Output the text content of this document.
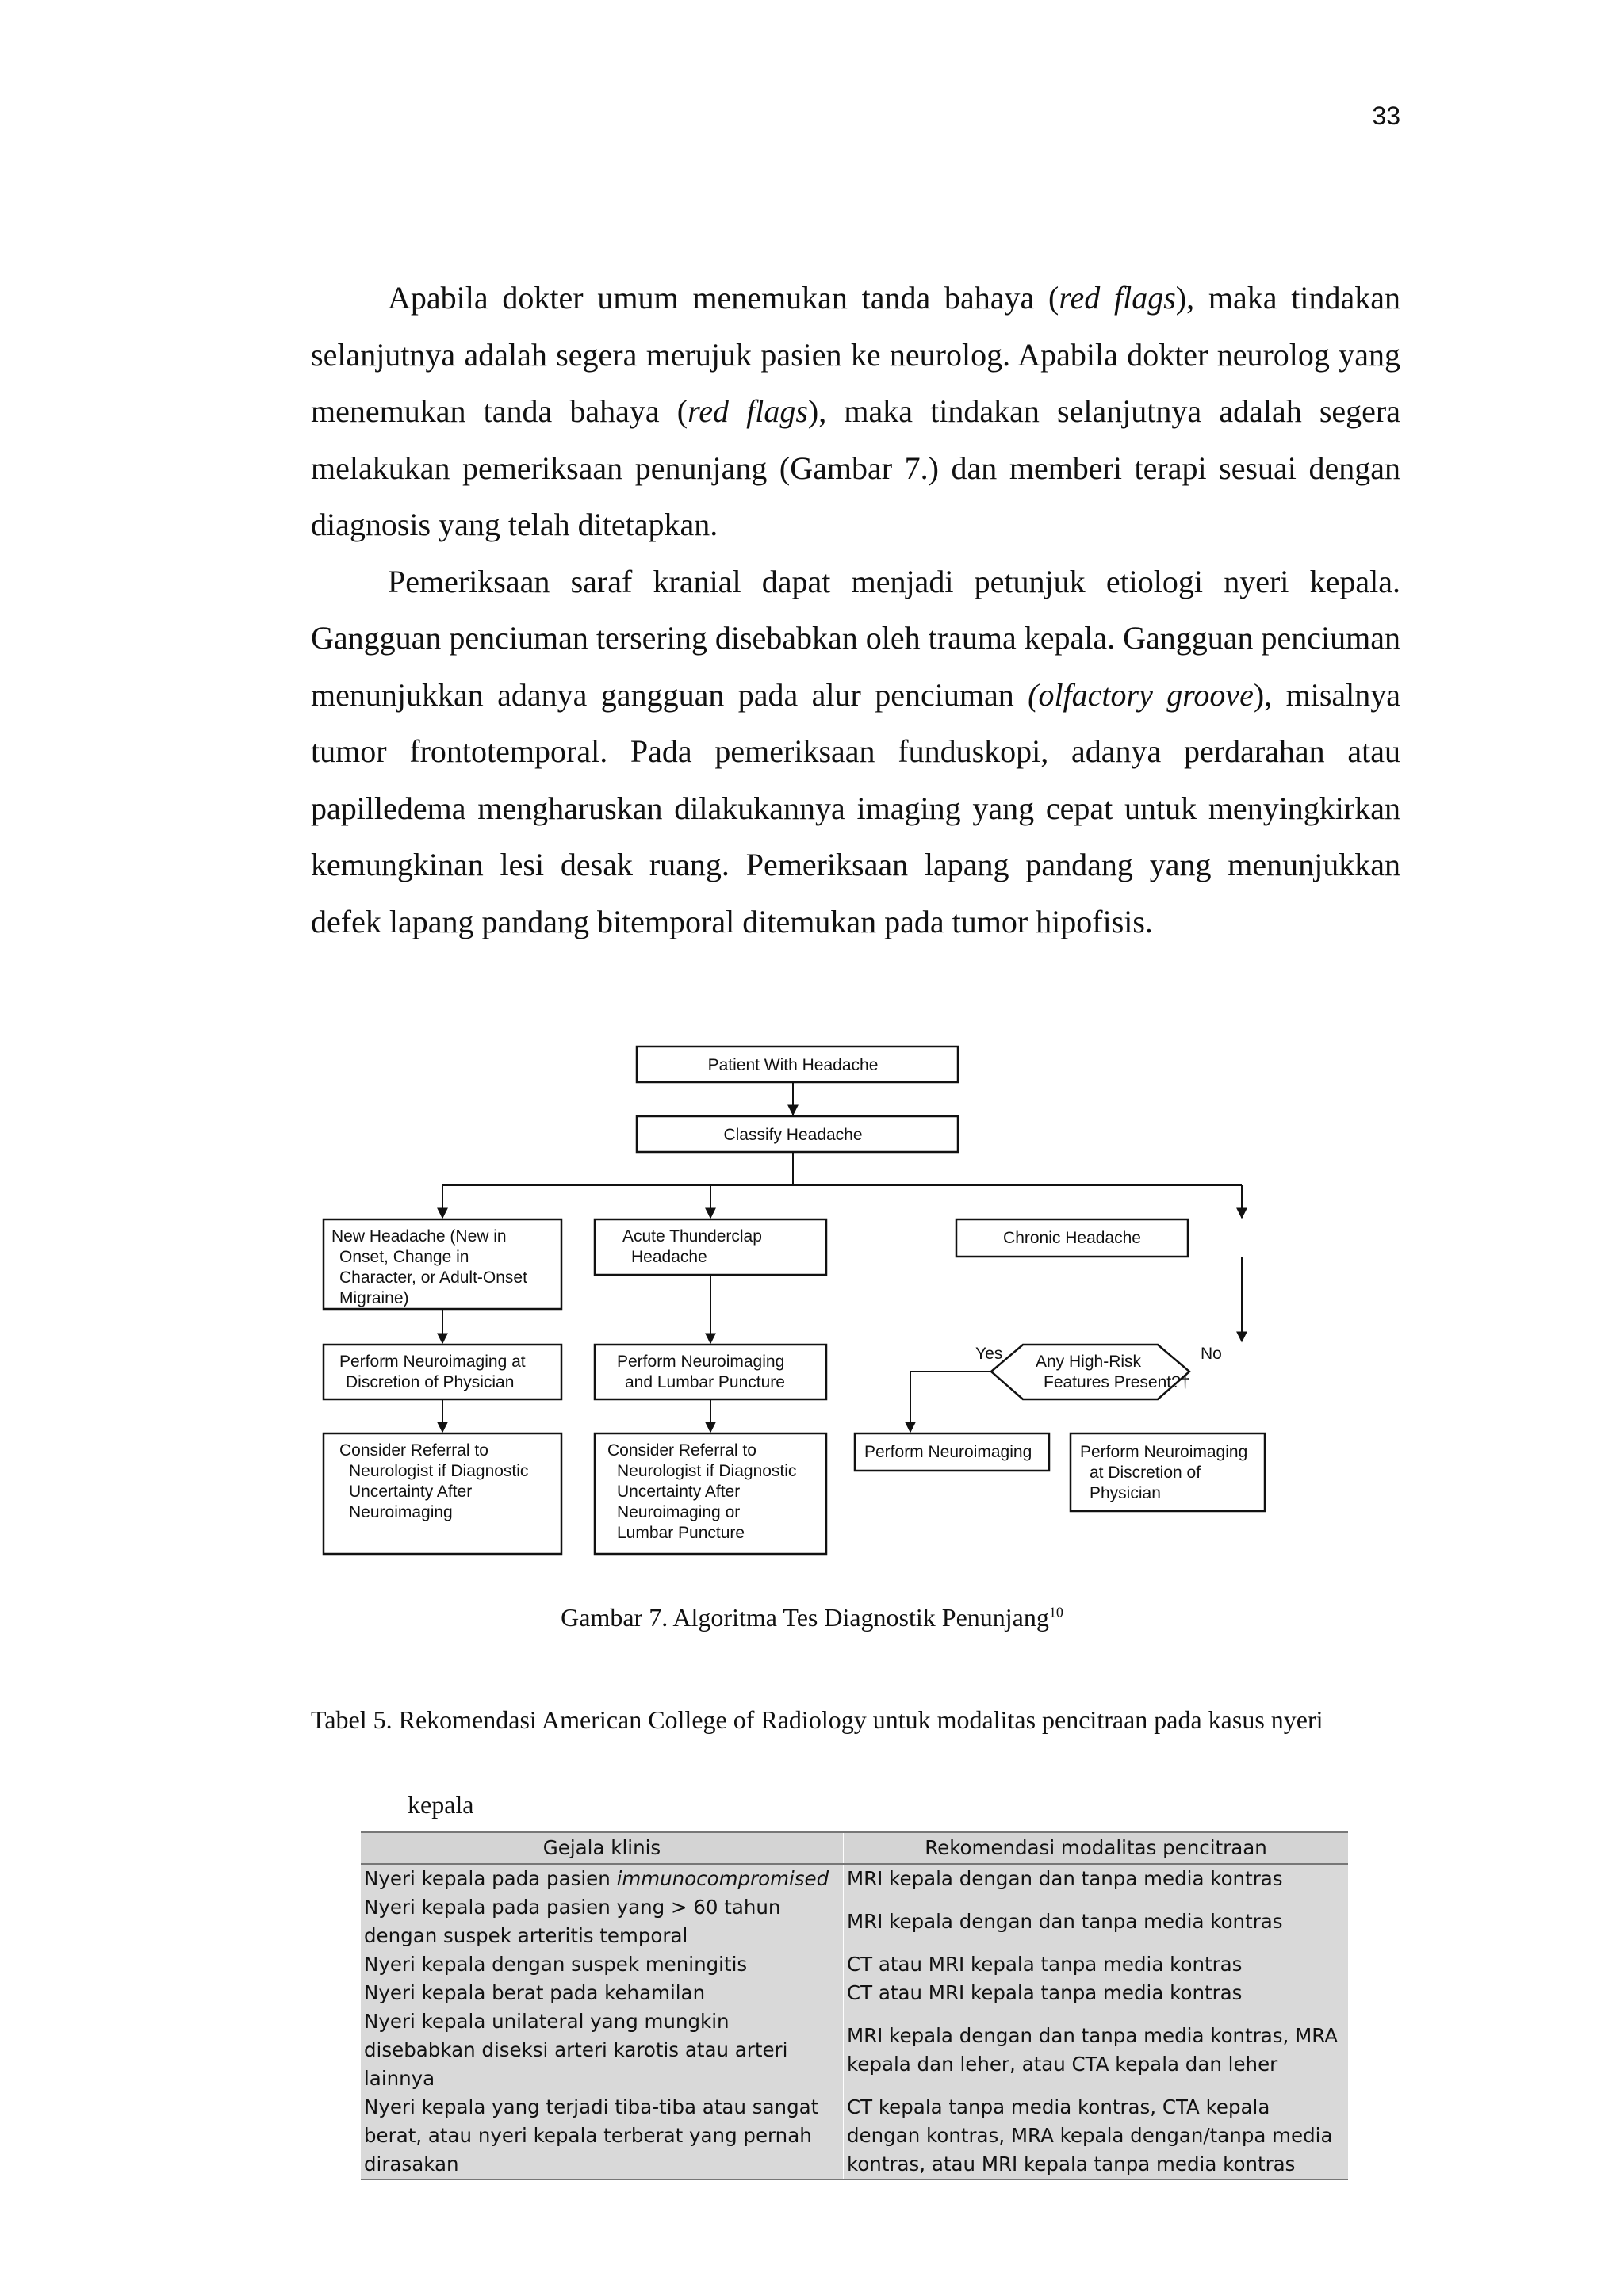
33

Apabila dokter umum menemukan tanda bahaya (red flags), maka tindakan selanjutnya adalah segera merujuk pasien ke neurolog. Apabila dokter neurolog yang menemukan tanda bahaya (red flags), maka tindakan selanjutnya adalah segera melakukan pemeriksaan penunjang (Gambar 7.) dan memberi terapi sesuai dengan diagnosis yang telah ditetapkan.

Pemeriksaan saraf kranial dapat menjadi petunjuk etiologi nyeri kepala. Gangguan penciuman tersering disebabkan oleh trauma kepala. Gangguan penciuman menunjukkan adanya gangguan pada alur penciuman (olfactory groove), misalnya tumor frontotemporal. Pada pemeriksaan funduskopi, adanya perdarahan atau papilledema mengharuskan dilakukannya imaging yang cepat untuk menyingkirkan kemungkinan lesi desak ruang. Pemeriksaan lapang pandang yang menunjukkan defek lapang pandang bitemporal ditemukan pada tumor hipofisis.

Patient With Headache
Classify Headache
New Headache (New in
Onset, Change in
Character, or Adult-Onset
Migraine)
Acute Thunderclap
Headache
Chronic Headache
Perform Neuroimaging at
Discretion of Physician
Perform Neuroimaging
and Lumbar Puncture
Any High-Risk
Features Present?†
Yes	No
Consider Referral to
Neurologist if Diagnostic
Uncertainty After
Neuroimaging
Consider Referral to
Neurologist if Diagnostic
Uncertainty After
Neuroimaging or
Lumbar Puncture
Perform Neuroimaging	Perform Neuroimaging
at Discretion of
Physician
Gambar 7. Algoritma Tes Diagnostik Penunjang$^{10}$

Tabel 5. Rekomendasi American College of Radiology untuk modalitas pencitraan pada kasus nyeri

kepala
Gejala klinis	Rekomendasi modalitas pencitraan
Nyeri kepala pada pasien immunocompromised	MRI kepala dengan dan tanpa media kontras
Nyeri kepala pada pasien yang > 60 tahun dengan suspek arteritis temporal	MRI kepala dengan dan tanpa media kontras
Nyeri kepala dengan suspek meningitis	CT atau MRI kepala tanpa media kontras
Nyeri kepala berat pada kehamilan	CT atau MRI kepala tanpa media kontras
Nyeri kepala unilateral yang mungkin disebabkan diseksi arteri karotis atau arteri lainnya	MRI kepala dengan dan tanpa media kontras, MRA kepala dan leher, atau CTA kepala dan leher
Nyeri kepala yang terjadi tiba-tiba atau sangat berat, atau nyeri kepala terberat yang pernah dirasakan	CT kepala tanpa media kontras, CTA kepala dengan kontras, MRA kepala dengan/tanpa media kontras, atau MRI kepala tanpa media kontras
